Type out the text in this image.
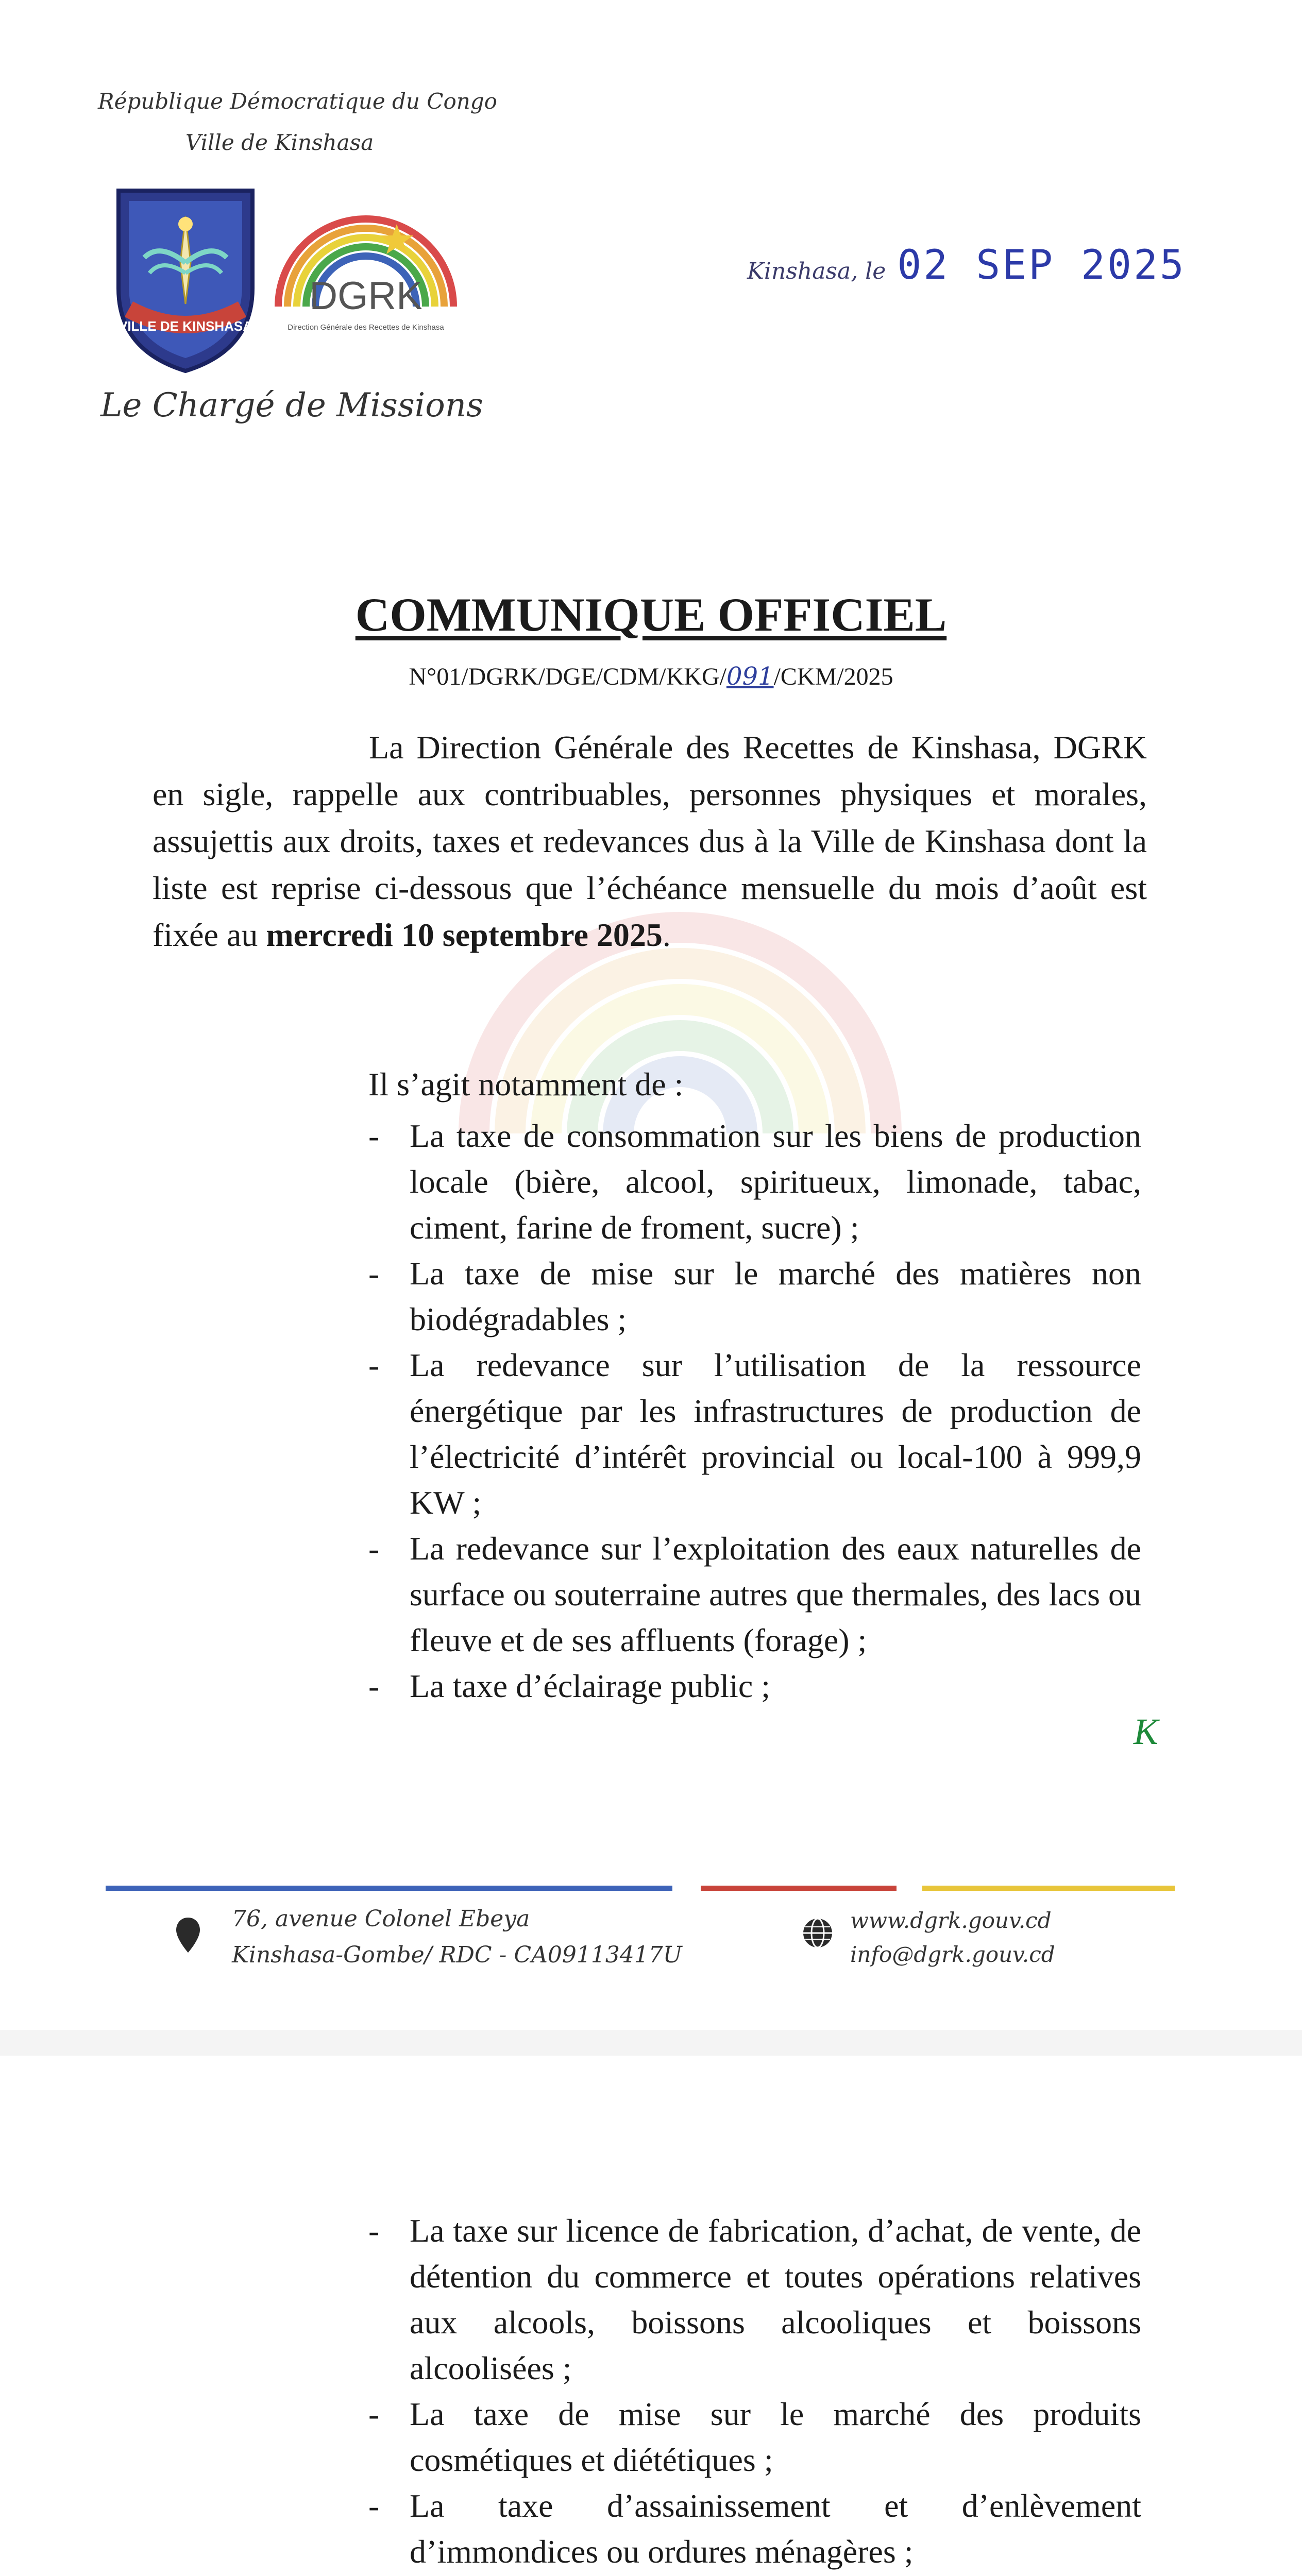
République Démocratique du Congo
Ville de Kinshasa
VILLE DE KINSHASA
DGRK
Direction Générale des Recettes de Kinshasa
Le Chargé de Missions
Kinshasa, le 02 SEP 2025
COMMUNIQUE OFFICIEL
N°01/DGRK/DGE/CDM/KKG/091/CKM/2025

La Direction Générale des Recettes de Kinshasa, DGRK en sigle, rappelle aux contribuables, personnes physiques et morales, assujettis aux droits, taxes et redevances dus à la Ville de Kinshasa dont la liste est reprise ci-dessous que l’échéance mensuelle du mois d’août est fixée au mercredi 10 septembre 2025.

Il s’agit notamment de :
- La taxe de consommation sur les biens de production locale (bière, alcool, spiritueux, limonade, tabac, ciment, farine de froment, sucre) ;
- La taxe de mise sur le marché des matières non biodégradables ;
- La redevance sur l’utilisation de la ressource énergétique par les infrastructures de production de l’électricité d’intérêt provincial ou local-100 à 999,9 KW ;
- La redevance sur l’exploitation des eaux naturelles de surface ou souterraine autres que thermales, des lacs ou fleuve et de ses affluents (forage) ;
- La taxe d’éclairage public ;
K
76, avenue Colonel Ebeya
Kinshasa-Gombe/ RDC - CA09113417U
www.dgrk.gouv.cd
info@dgrk.gouv.cd
- La taxe sur licence de fabrication, d’achat, de vente, de détention du commerce et toutes opérations relatives aux alcools, boissons alcooliques et boissons alcoolisées ;
- La taxe de mise sur le marché des produits cosmétiques et diététiques ;
- La taxe d’assainissement et d’enlèvement d’immondices ou ordures ménagères ;
